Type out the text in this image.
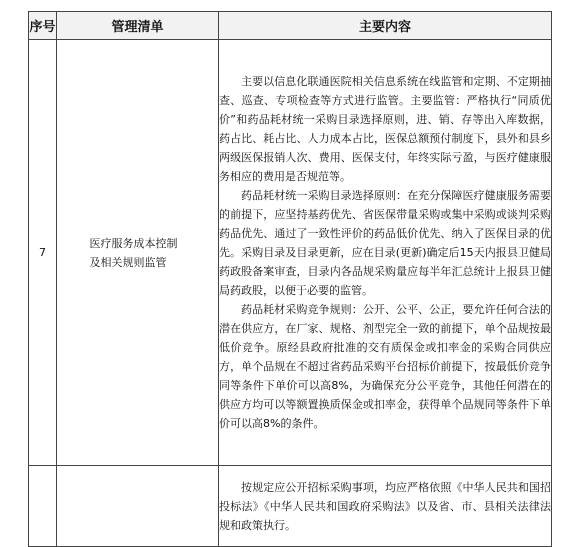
序号	管理清单	主要内容
7	医疗服务成本控制及相关规则监管	主要以信息化联通医院相关信息系统在线监管和定期、不定期抽查、巡查、专项检查等方式进行监管。主要监管：严格执行“同质优价”和药品耗材统一采购目录选择原则，进、销、存等出入库数据，药占比、耗占比、人力成本占比，医保总额预付制度下，县外和县乡两级医保报销人次、费用、医保支付，年终实际亏盈，与医疗健康服务相应的费用是否规范等。

药品耗材统一采购目录选择原则：在充分保障医疗健康服务需要的前提下，应坚持基药优先、省医保带量采购或集中采购或谈判采购药品优先、通过了一致性评价的药品低价优先、纳入了医保目录的优先。采购目录及目录更新，应在目录(更新)确定后15天内报县卫健局药政股备案审查，目录内各品规采购量应每半年汇总统计上报县卫健局药政股，以便于必要的监管。

药品耗材采购竞争规则：公开、公平、公正，要允许任何合法的潜在供应方，在厂家、规格、剂型完全一致的前提下，单个品规按最低价竞争。原经县政府批准的交有质保金或扣率金的采购合同供应方，单个品规在不超过省药品采购平台招标价前提下，按最低价竞争同等条件下单价可以高8%，为确保充分公平竞争，其他任何潜在的供应方均可以等额置换质保金或扣率金，获得单个品规同等条件下单价可以高8%的条件。

		按规定应公开招标采购事项，均应严格依照《中华人民共和国招投标法》《中华人民共和国政府采购法》以及省、市、县相关法律法规和政策执行。
